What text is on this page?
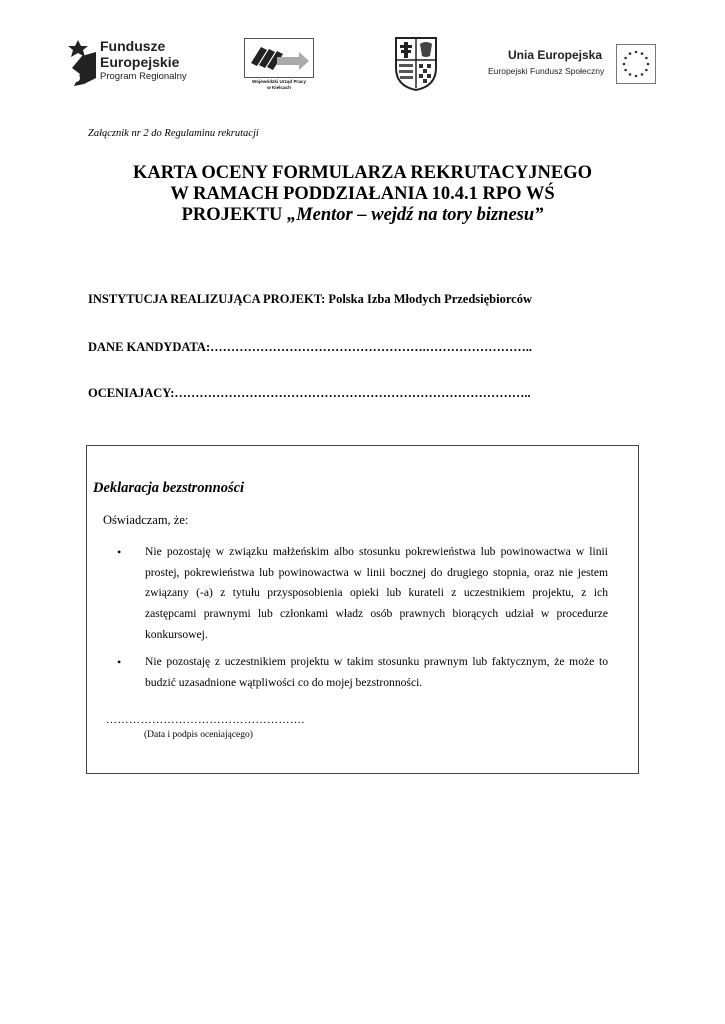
Fundusze
Europejskie
Program Regionalny	Wojewódzki Urząd Pracy
w Kielcach
Unia Europejska
Europejski Fundusz Społeczny
Załącznik nr 2 do Regulaminu rekrutacji
KARTA OCENY FORMULARZA REKRUTACYJNEGO
W RAMACH PODDZIAŁANIA 10.4.1 RPO WŚ
PROJEKTU „Mentor – wejdź na tory biznesu”
INSTYTUCJA REALIZUJĄCA PROJEKT: Polska Izba Młodych Przedsiębiorców
DANE KANDYDATA:…………………………………………….……………………..
OCENIAJACY:…………………………………………………………………………..
Deklaracja bezstronności
Oświadczam, że:
• Nie pozostaję w związku małżeńskim albo stosunku pokrewieństwa lub powinowactwa w linii prostej, pokrewieństwa lub powinowactwa w linii bocznej do drugiego stopnia, oraz nie jestem związany (-a) z tytułu przysposobienia opieki lub kurateli z uczestnikiem projektu, z ich zastępcami prawnymi lub członkami władz osób prawnych biorących udział w procedurze konkursowej.
• Nie pozostaję z uczestnikiem projektu w takim stosunku prawnym lub faktycznym, że może to budzić uzasadnione wątpliwości co do mojej bezstronności.
…………………………………………….
(Data i podpis oceniającego)
